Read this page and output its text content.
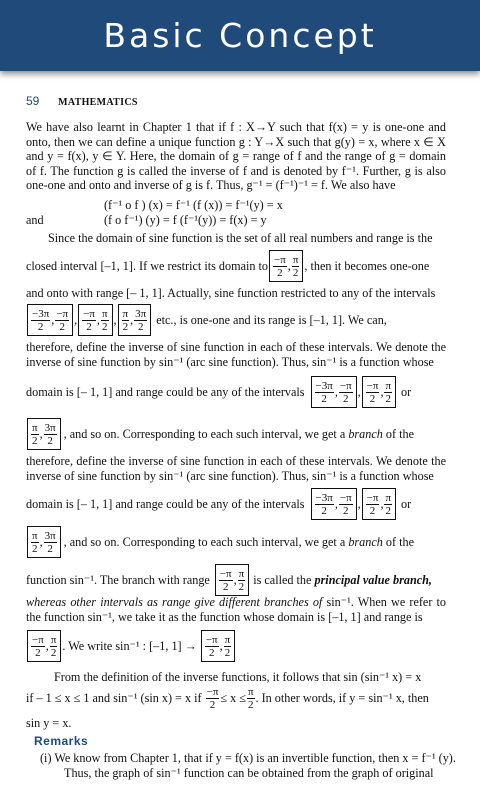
Basic Concept
59 MATHEMATICS
We have also learnt in Chapter 1 that if f : X→Y such that f(x) = y is one-one and onto, then we can define a unique function g : Y→X such that g(y) = x, where x ∈ X and y = f(x), y ∈ Y. Here, the domain of g = range of f and the range of g = domain of f. The function g is called the inverse of f and is denoted by f⁻¹. Further, g is also one-one and onto and inverse of g is f. Thus, g⁻¹ = (f⁻¹)⁻¹ = f. We also have
(f⁻¹ o f ) (x) = f⁻¹ (f (x)) = f⁻¹(y) = x
and	(f o f⁻¹) (y) = f (f⁻¹(y)) = f(x) = y
Since the domain of sine function is the set of all real numbers and range is the
closed interval [–1, 1]. If we restrict its domain to $\frac{-\pi}{2}$ , $\frac{\pi}{2}$ , then it becomes one-one
and onto with range [– 1, 1]. Actually, sine function restricted to any of the intervals
$\frac{-3\pi}{2}$ , $\frac{-\pi}{2}$ , $\frac{-\pi}{2}$ , $\frac{\pi}{2}$ , $\frac{\pi}{2}$ , $\frac{3\pi}{2}$ etc., is one-one and its range is [–1, 1]. We can,
therefore, define the inverse of sine function in each of these intervals. We denote the inverse of sine function by sin⁻¹ (arc sine function). Thus, sin⁻¹ is a function whose
domain is [– 1, 1] and range could be any of the intervals $\frac{-3\pi}{2}$ , $\frac{-\pi}{2}$ , $\frac{-\pi}{2}$ , $\frac{\pi}{2}$ or
$\frac{\pi}{2}$ , $\frac{3\pi}{2}$ , and so on. Corresponding to each such interval, we get a
branch
of the
therefore, define the inverse of sine function in each of these intervals. We denote the inverse of sine function by sin⁻¹ (arc sine function). Thus, sin⁻¹ is a function whose
domain is [– 1, 1] and range could be any of the intervals $\frac{-3\pi}{2}$ , $\frac{-\pi}{2}$ , $\frac{-\pi}{2}$ , $\frac{\pi}{2}$ or
$\frac{\pi}{2}$ , $\frac{3\pi}{2}$ , and so on. Corresponding to each such interval, we get a
branch
of the
function sin⁻¹. The branch with range $\frac{-\pi}{2}$ , $\frac{\pi}{2}$ is called the
principal value branch,
whereas other intervals as range give different branches of sin⁻¹. When we refer to the function sin⁻¹, we take it as the function whose domain is [–1, 1] and range is
$\frac{-\pi}{2}$ , $\frac{\pi}{2}$ . We write sin⁻¹ : [–1, $1] \to \frac{-\pi}{2}$ , $\frac{\pi}{2}$
From the definition of the inverse functions, it follows that sin (sin⁻¹ x) = x
if – 1 ≤ x ≤ 1 and sin⁻¹ (sin x) = x if
$\frac{-\pi}{2} \le x \le \frac{\pi}{2}$ . In other words, if y = sin⁻¹ x, then
sin y = x.
Remarks
(i) We know from Chapter 1, that if y = f(x) is an invertible function, then x = f⁻¹ (y).
Thus, the graph of sin⁻¹ function can be obtained from the graph of original
